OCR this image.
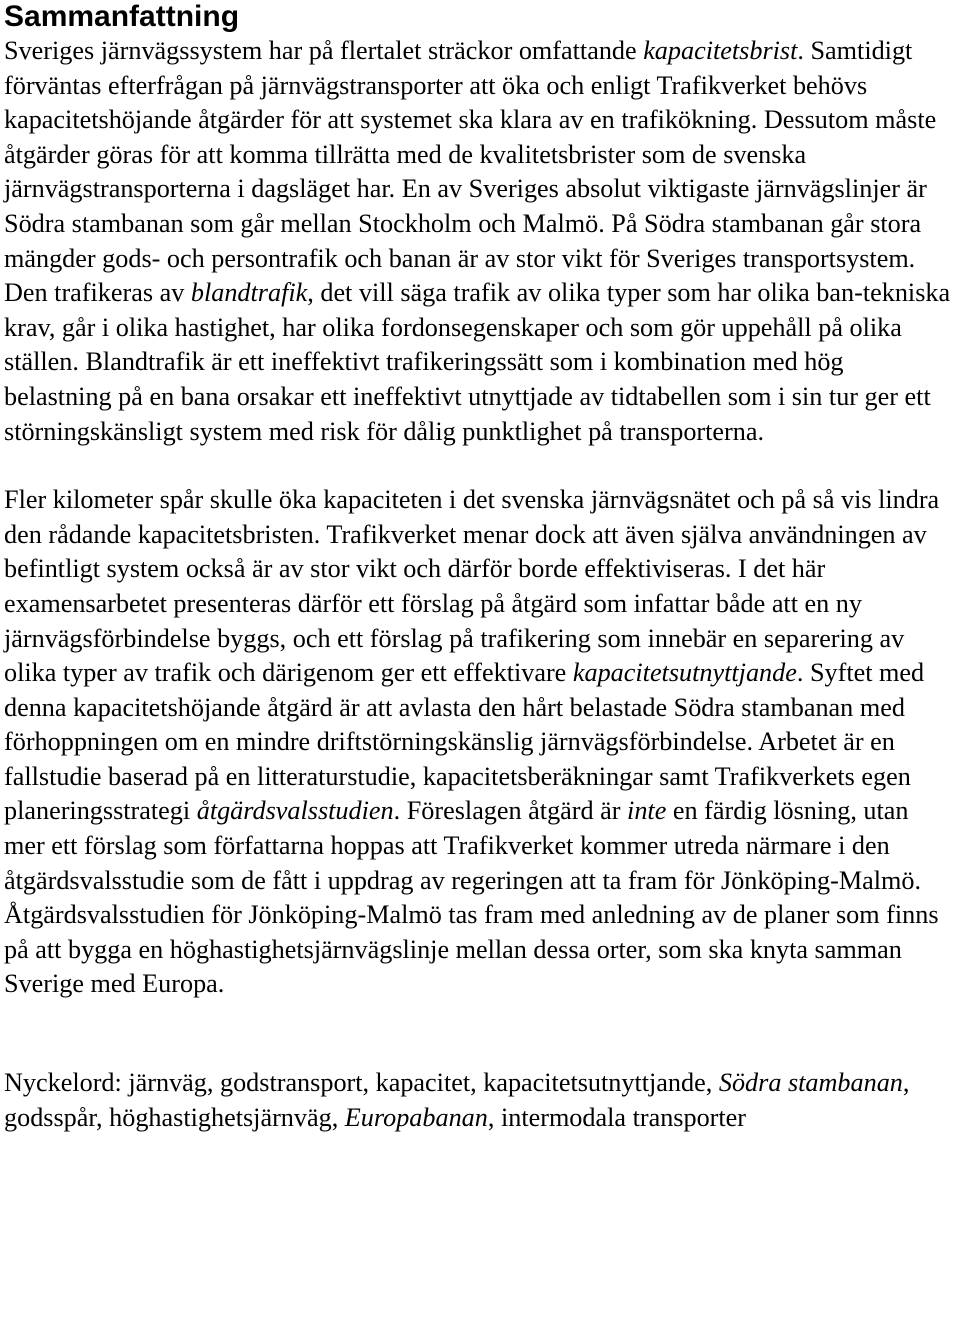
Sammanfattning

Sveriges järnvägssystem har på flertalet sträckor omfattande kapacitetsbrist. Samtidigt förväntas efterfrågan på järnvägstransporter att öka och enligt Trafikverket behövs kapacitetshöjande åtgärder för att systemet ska klara av en trafikökning. Dessutom måste åtgärder göras för att komma tillrätta med de kvalitetsbrister som de svenska järnvägstransporterna i dagsläget har. En av Sveriges absolut viktigaste järnvägslinjer är Södra stambanan som går mellan Stockholm och Malmö. På Södra stambanan går stora mängder gods- och persontrafik och banan är av stor vikt för Sveriges transportsystem. Den trafikeras av blandtrafik, det vill säga trafik av olika typer som har olika ban-tekniska krav, går i olika hastighet, har olika fordonsegenskaper och som gör uppehåll på olika ställen. Blandtrafik är ett ineffektivt trafikeringssätt som i kombination med hög belastning på en bana orsakar ett ineffektivt utnyttjade av tidtabellen som i sin tur ger ett störningskänsligt system med risk för dålig punktlighet på transporterna.

Fler kilometer spår skulle öka kapaciteten i det svenska järnvägsnätet och på så vis lindra den rådande kapacitetsbristen. Trafikverket menar dock att även själva användningen av befintligt system också är av stor vikt och därför borde effektiviseras. I det här examensarbetet presenteras därför ett förslag på åtgärd som infattar både att en ny järnvägsförbindelse byggs, och ett förslag på trafikering som innebär en separering av olika typer av trafik och därigenom ger ett effektivare kapacitetsutnyttjande. Syftet med denna kapacitetshöjande åtgärd är att avlasta den hårt belastade Södra stambanan med förhoppningen om en mindre driftstörningskänslig järnvägsförbindelse. Arbetet är en fallstudie baserad på en litteraturstudie, kapacitetsberäkningar samt Trafikverkets egen planeringsstrategi åtgärdsvalsstudien. Föreslagen åtgärd är inte en färdig lösning, utan mer ett förslag som författarna hoppas att Trafikverket kommer utreda närmare i den åtgärdsvalsstudie som de fått i uppdrag av regeringen att ta fram för Jönköping-Malmö. Åtgärdsvalsstudien för Jönköping-Malmö tas fram med anledning av de planer som finns på att bygga en höghastighetsjärnvägslinje mellan dessa orter, som ska knyta samman Sverige med Europa.

Nyckelord: järnväg, godstransport, kapacitet, kapacitetsutnyttjande, Södra stambanan, godsspår, höghastighetsjärnväg, Europabanan, intermodala transporter
